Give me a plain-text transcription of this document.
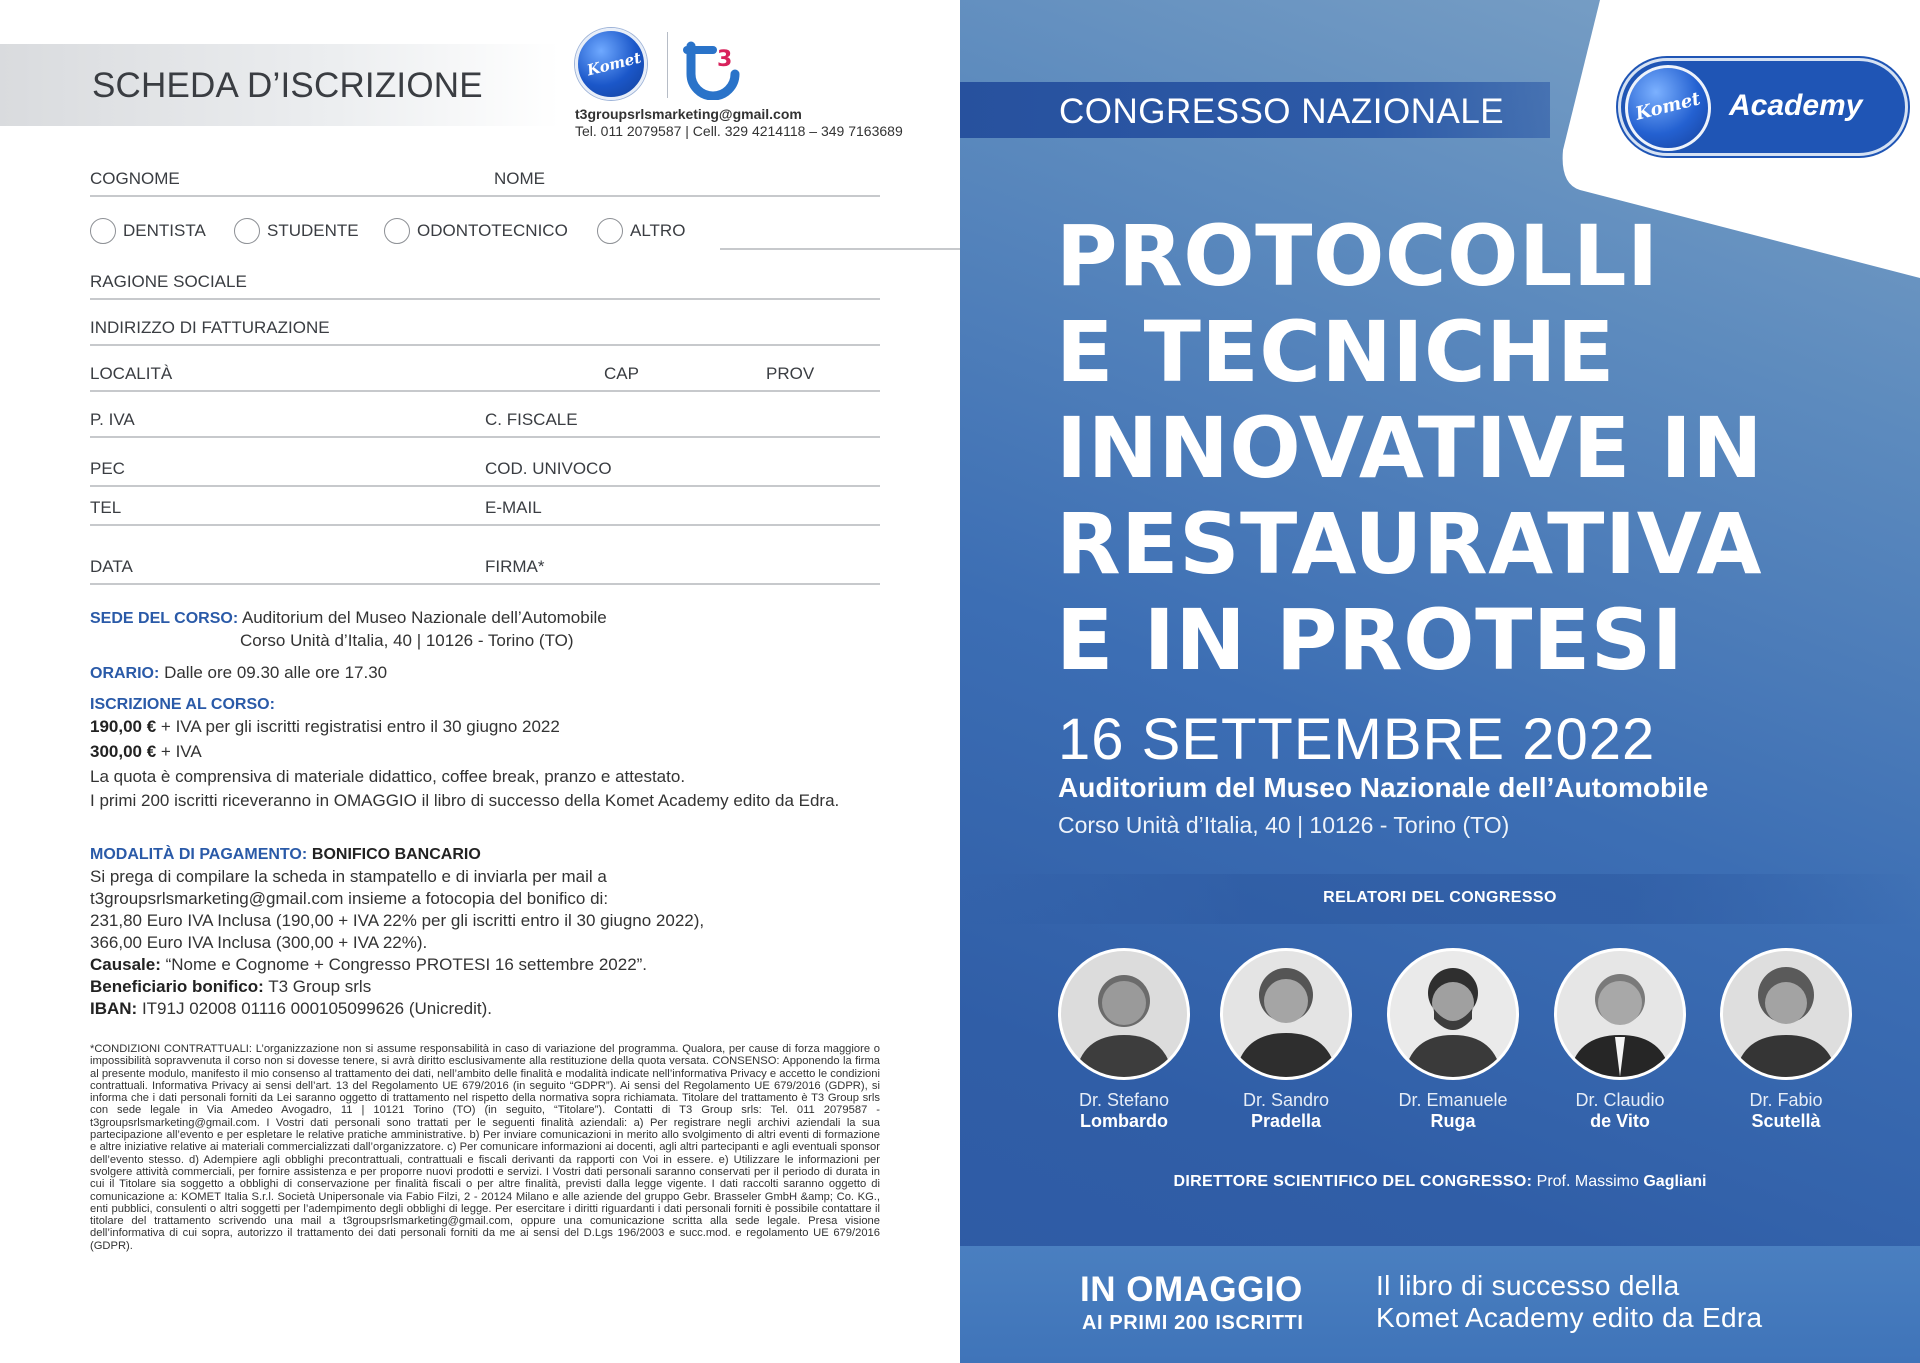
SCHEDA D’ISCRIZIONE
Komet	3
t3groupsrlsmarketing@gmail.com
Tel. 011 2079587 | Cell. 329 4214118 – 349 7163689
COGNOME	NOME
DENTISTA	STUDENTE	ODONTOTECNICO	ALTRO
RAGIONE SOCIALE
INDIRIZZO DI FATTURAZIONE
LOCALITÀ	CAP	PROV
P. IVA	C. FISCALE
PEC	COD. UNIVOCO
TEL	E-MAIL
DATA	FIRMA*
SEDE DEL CORSO: Auditorium del Museo Nazionale dell’Automobile
Corso Unità d’Italia, 40 | 10126 - Torino (TO)
ORARIO: Dalle ore 09.30 alle ore 17.30
ISCRIZIONE AL CORSO:
190,00 € + IVA per gli iscritti registratisi entro il 30 giugno 2022
300,00 € + IVA
La quota è comprensiva di materiale didattico, coffee break, pranzo e attestato.
I primi 200 iscritti riceveranno in OMAGGIO il libro di successo della Komet Academy edito da Edra.
MODALITÀ DI PAGAMENTO: BONIFICO BANCARIO
Si prega di compilare la scheda in stampatello e di inviarla per mail a
t3groupsrlsmarketing@gmail.com insieme a fotocopia del bonifico di:
231,80 Euro IVA Inclusa (190,00 + IVA 22% per gli iscritti entro il 30 giugno 2022),
366,00 Euro IVA Inclusa (300,00 + IVA 22%).
Causale: “Nome e Cognome + Congresso PROTESI 16 settembre 2022”.
Beneficiario bonifico: T3 Group srls
IBAN: IT91J 02008 01116 000105099626 (Unicredit).
*CONDIZIONI CONTRATTUALI: L’organizzazione non si assume responsabilità in caso di variazione del programma. Qualora, per cause di forza maggiore o impossibilità sopravvenuta il corso non si dovesse tenere, si avrà diritto esclusivamente alla restituzione della quota versata. CONSENSO: Apponendo la firma al presente modulo, manifesto il mio consenso al trattamento dei dati, nell’ambito delle finalità e modalità indicate nell’informativa Privacy e accetto le condizioni contrattuali. Informativa Privacy ai sensi dell’art. 13 del Regolamento UE 679/2016 (in seguito “GDPR”). Ai sensi del Regolamento UE 679/2016 (GDPR), si informa che i dati personali forniti da Lei saranno oggetto di trattamento nel rispetto della normativa sopra richiamata. Titolare del trattamento è T3 Group srls con sede legale in Via Amedeo Avogadro, 11 | 10121 Torino (TO) (in seguito, “Titolare”). Contatti di T3 Group srls: Tel. 011 2079587 - t3groupsrlsmarketing@gmail.com. I Vostri dati personali sono trattati per le seguenti finalità aziendali: a) Per registrare negli archivi aziendali la sua partecipazione all’evento e per espletare le relative pratiche amministrative. b) Per inviare comunicazioni in merito allo svolgimento di altri eventi di formazione e altre iniziative relative ai materiali commercializzati dall’organizzatore. c) Per comunicare informazioni ai docenti, agli altri partecipanti e agli eventuali sponsor dell’evento stesso. d) Adempiere agli obblighi precontrattuali, contrattuali e fiscali derivanti da rapporti con Voi in essere. e) Utilizzare le informazioni per svolgere attività commerciali, per fornire assistenza e per proporre nuovi prodotti e servizi. I Vostri dati personali saranno conservati per il periodo di durata in cui il Titolare sia soggetto a obblighi di conservazione per finalità fiscali o per altre finalità, previsti dalla legge vigente. I dati raccolti saranno oggetto di comunicazione a: KOMET Italia S.r.l. Società Unipersonale via Fabio Filzi, 2 - 20124 Milano e alle aziende del gruppo Gebr. Brasseler GmbH &amp; Co. KG., enti pubblici, consulenti o altri soggetti per l’adempimento degli obblighi di legge. Per esercitare i diritti riguardanti i dati personali forniti è possibile contattare il titolare del trattamento scrivendo una mail a t3groupsrlsmarketing@gmail.com, oppure una comunicazione scritta alla sede legale. Presa visione dell’informativa di cui sopra, autorizzo il trattamento dei dati personali forniti da me ai sensi del D.Lgs 196/2003 e succ.mod. e regolamento UE 679/2016 (GDPR).
CONGRESSO NAZIONALE	Komet Academy
PROTOCOLLI
E TECNICHE
INNOVATIVE IN
RESTAURATIVA
E IN PROTESI
16 SETTEMBRE 2022
Auditorium del Museo Nazionale dell’Automobile
Corso Unità d’Italia, 40 | 10126 - Torino (TO)
RELATORI DEL CONGRESSO
Dr. Stefano
Lombardo
Dr. Sandro
Pradella
Dr. Emanuele
Ruga
Dr. Claudio
de Vito
Dr. Fabio
Scutellà
DIRETTORE SCIENTIFICO DEL CONGRESSO: Prof. Massimo Gagliani
IN OMAGGIO
AI PRIMI 200 ISCRITTI
Il libro di successo della
Komet Academy edito da Edra
